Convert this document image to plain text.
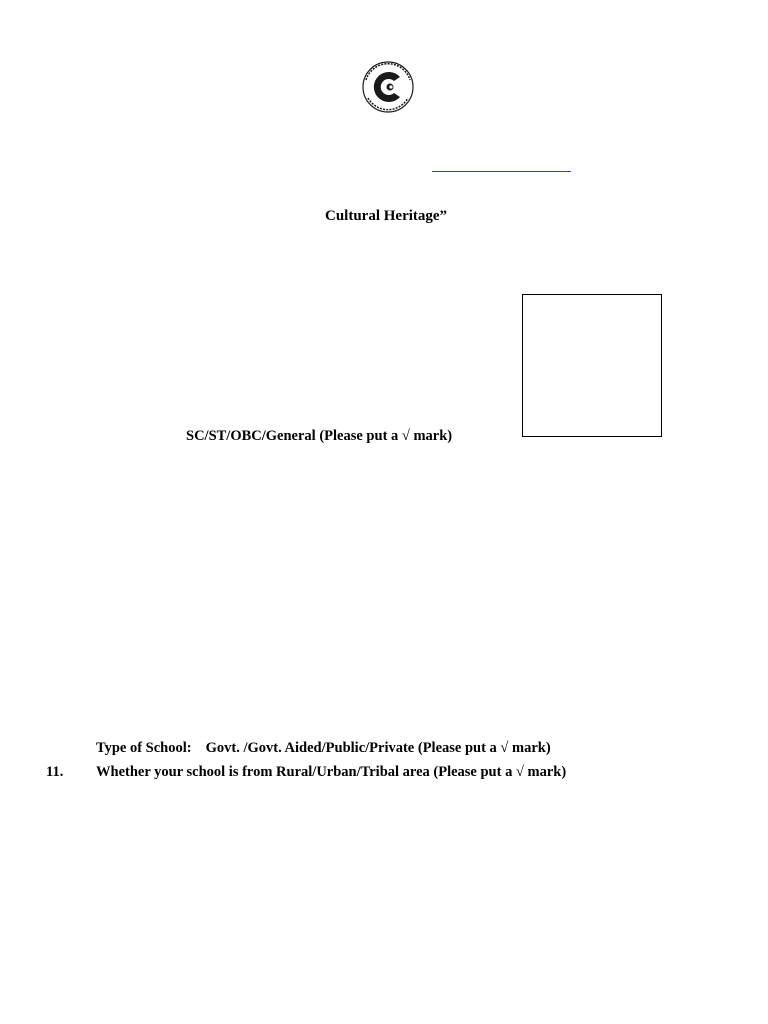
Cultural Heritage”
SC/ST/OBC/General (Please put a √ mark)
Type of School: Govt. /Govt. Aided/Public/Private (Please put a √ mark)
11. Whether your school is from Rural/Urban/Tribal area (Please put a √ mark)
